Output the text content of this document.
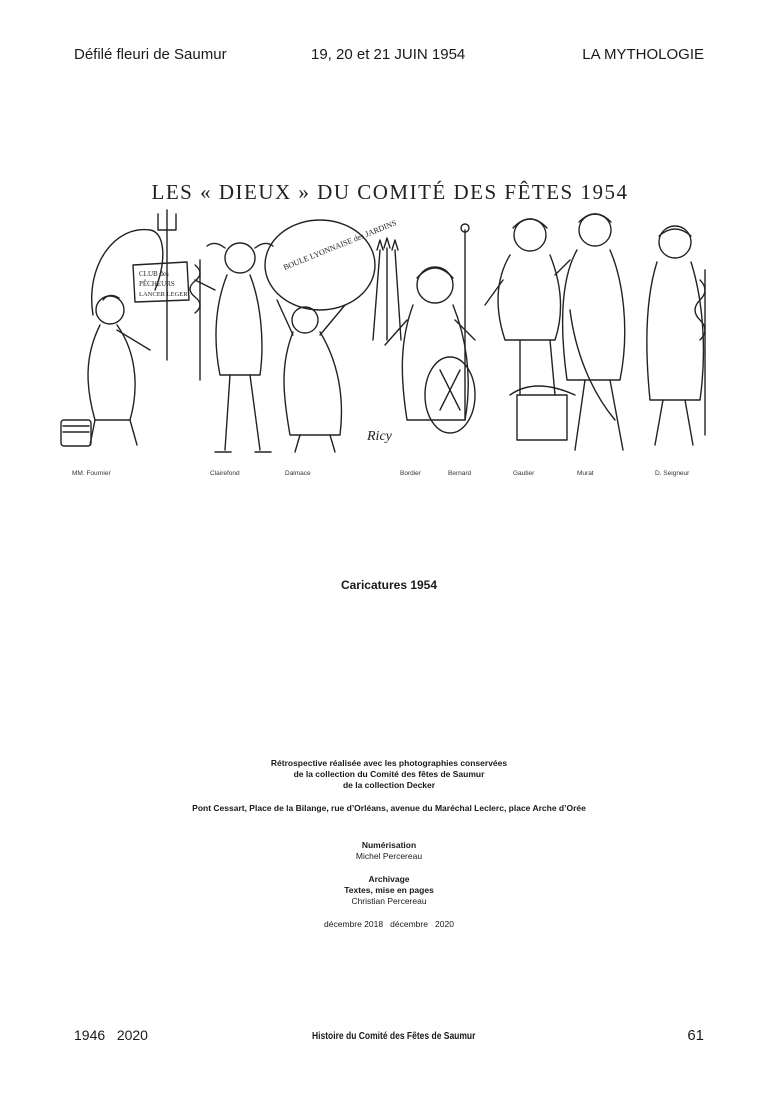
Défilé fleuri de Saumur	19, 20 et 21 JUIN 1954	LA MYTHOLOGIE
LES « DIEUX » DU COMITÉ DES FÊTES 1954
CLUB des
PÊCHEURS
LANCER LEGER
BOULE LYONNAISE des JARDINS
Ricy
MM. Fournier	Clairefond	Dalmace	Bordier	Bernard	Gautier	Murat	D. Seigneur
Caricatures 1954
Rétrospective réalisée avec les photographies conservées
de la collection du Comité des fêtes de Saumur
de la collection Decker
Pont Cessart, Place de la Bilange, rue d’Orléans, avenue du Maréchal Leclerc, place Arche d’Orée
Numérisation
Michel Percereau
Archivage
Textes, mise en pages
Christian Percereau
décembre 2018   décembre   2020
1946   2020	Histoire du Comité des Fêtes de Saumur	61
